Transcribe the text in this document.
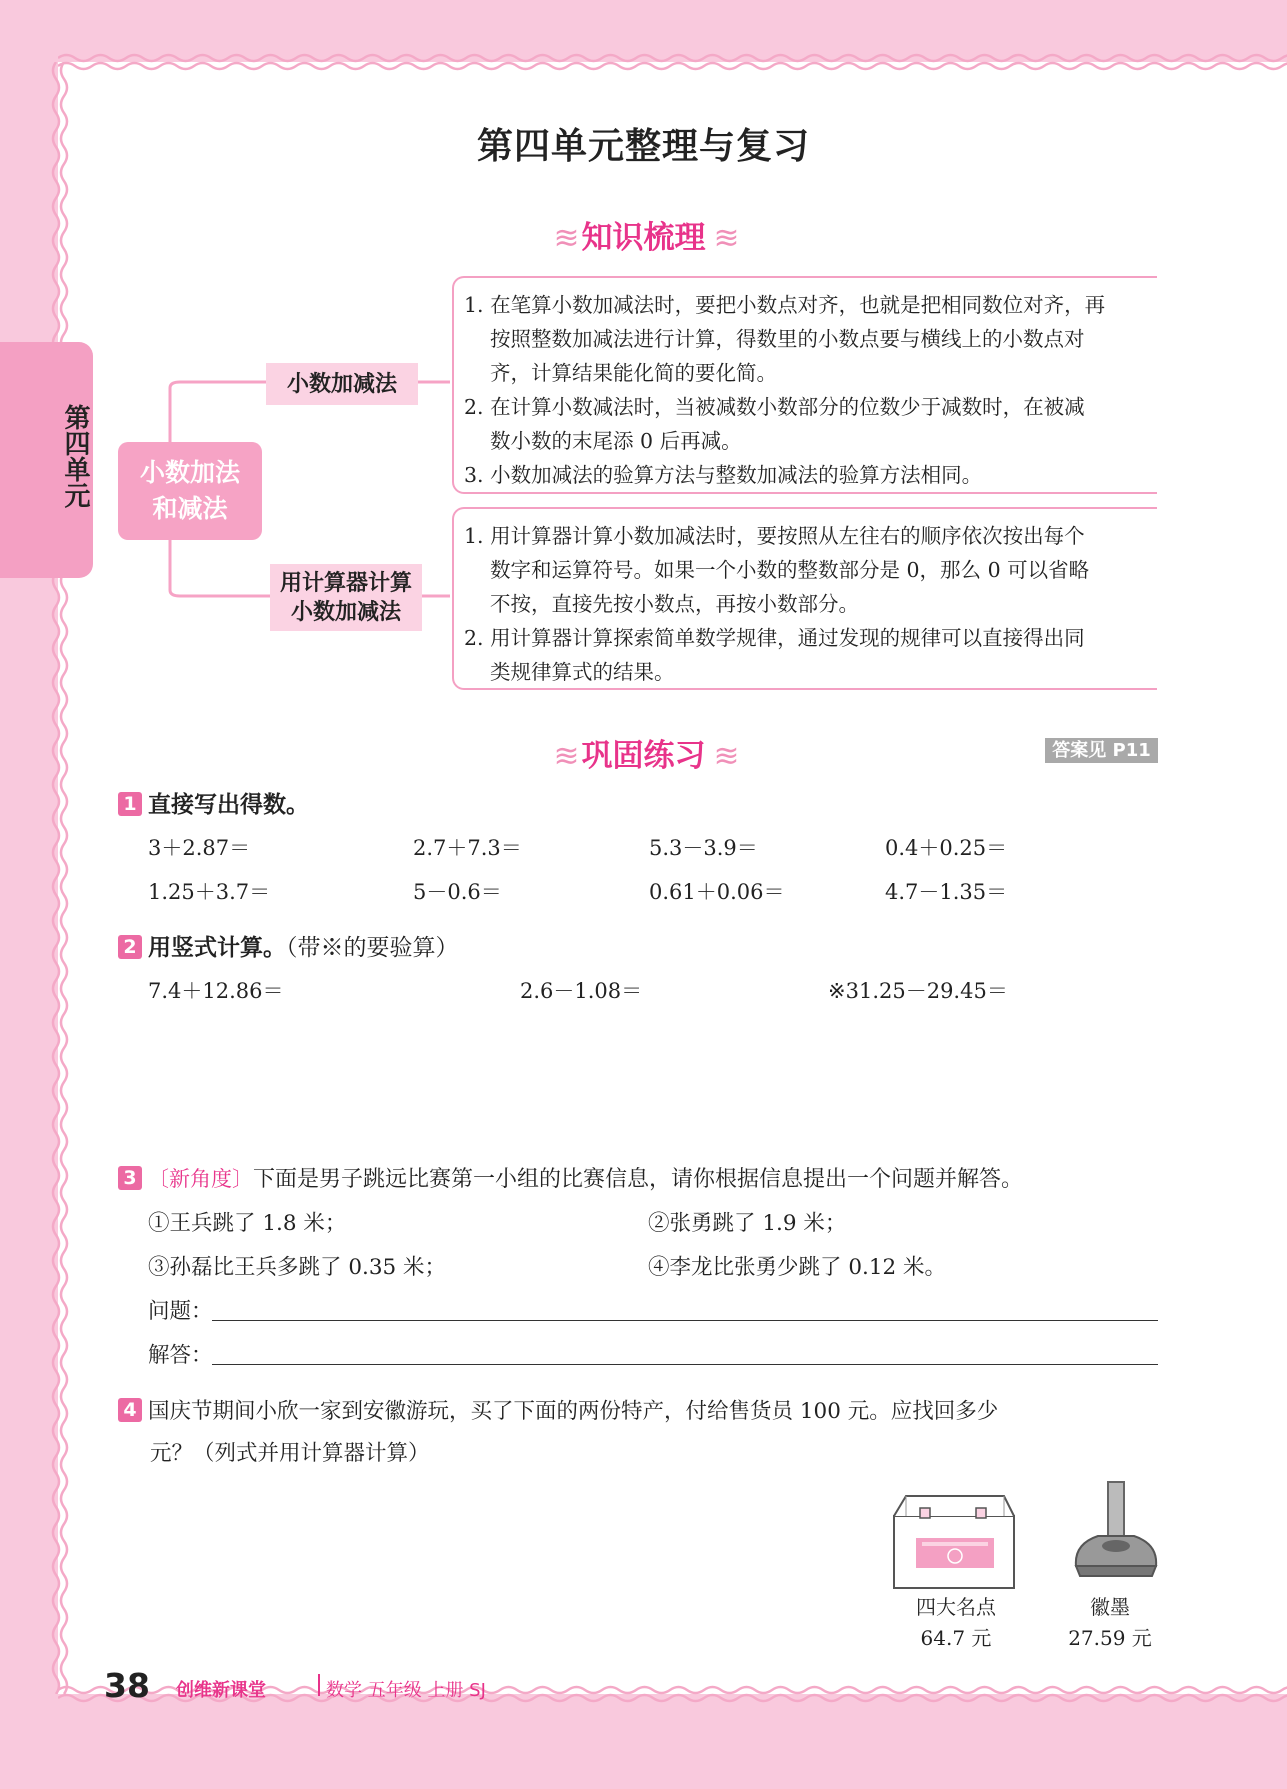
第四单元
第四单元整理与复习
≋ 知识梳理 ≋
小数加法
和减法
小数加减法
用计算器计算
小数加减法
1. 在笔算小数加减法时，要把小数点对齐，也就是把相同数位对齐，再
按照整数加减法进行计算，得数里的小数点要与横线上的小数点对
齐，计算结果能化简的要化简。
2. 在计算小数减法时，当被减数小数部分的位数少于减数时，在被减
数小数的末尾添 0 后再减。
3. 小数加减法的验算方法与整数加减法的验算方法相同。
1. 用计算器计算小数加减法时，要按照从左往右的顺序依次按出每个
数字和运算符号。如果一个小数的整数部分是 0，那么 0 可以省略
不按，直接先按小数点，再按小数部分。
2. 用计算器计算探索简单数学规律，通过发现的规律可以直接得出同
类规律算式的结果。
≋ 巩固练习 ≋	答案见 P11
1 直接写出得数。
3＋2.87＝	2.7＋7.3＝	5.3－3.9＝	0.4＋0.25＝
1.25＋3.7＝	5－0.6＝	0.61＋0.06＝	4.7－1.35＝
2 用竖式计算。（带※的要验算）
7.4＋12.86＝	2.6－1.08＝	※31.25－29.45＝
3 〔新角度〕下面是男子跳远比赛第一小组的比赛信息，请你根据信息提出一个问题并解答。
①王兵跳了 1.8 米；	②张勇跳了 1.9 米；
③孙磊比王兵多跳了 0.35 米；	④李龙比张勇少跳了 0.12 米。
问题：
解答：
4 国庆节期间小欣一家到安徽游玩，买了下面的两份特产，付给售货员 100 元。应找回多少
元？（列式并用计算器计算）
四大名点
64.7 元
徽墨
27.59 元
38 创维新课堂	数学 五年级 上册 SJ
